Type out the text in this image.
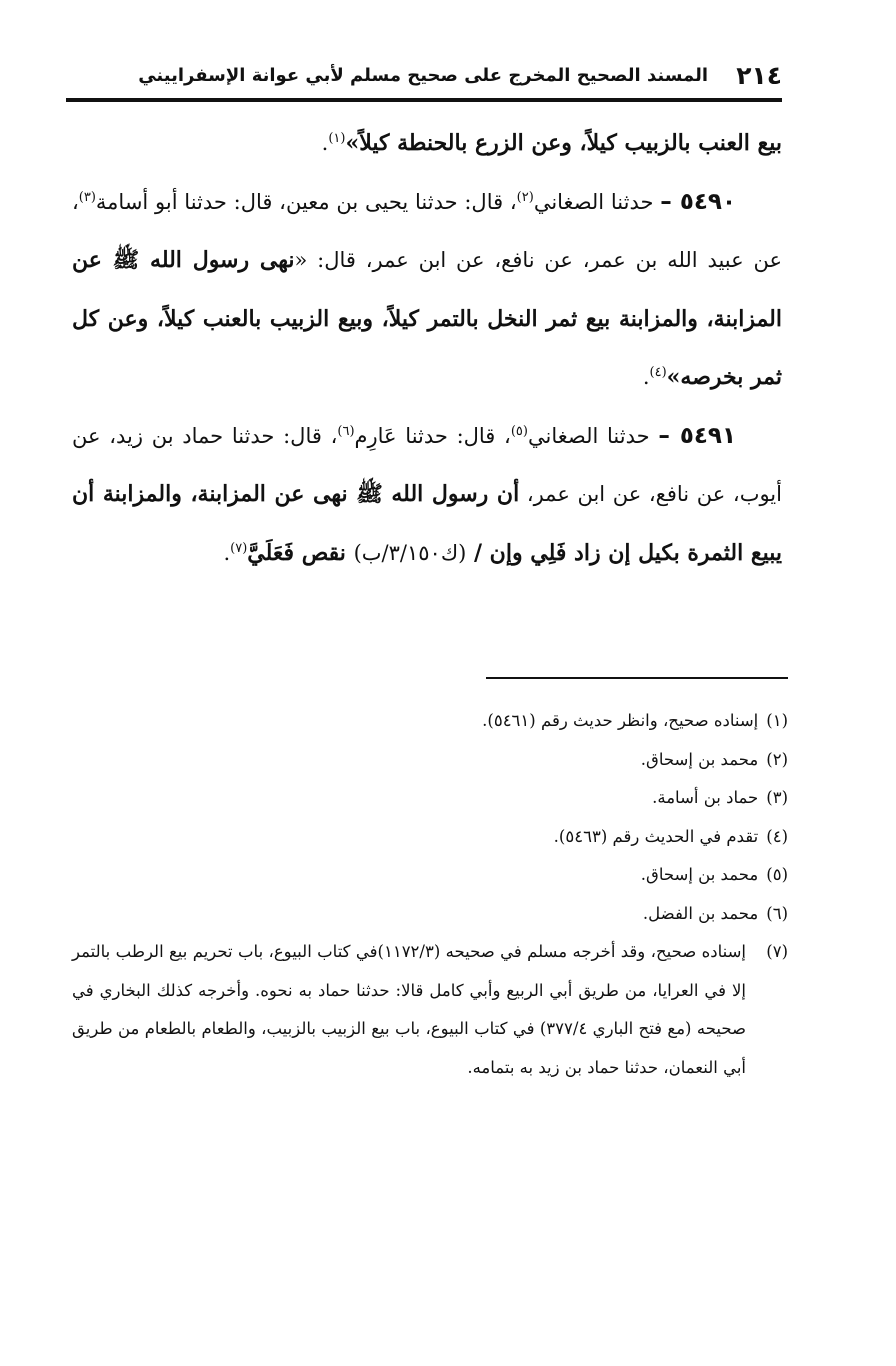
٢١٤
المسند الصحيح المخرج على صحيح مسلم لأبي عوانة الإسفراييني

بيع العنب بالزبيب كيلاً، وعن الزرع بالحنطة كيلاً»$^{(١)}$.

٥٤٩٠ – حدثنا الصغاني$^{(٢)}$، قال: حدثنا يحيى بن معين، قال: حدثنا أبو أسامة$^{(٣)}$، عن عبيد الله بن عمر، عن نافع، عن ابن عمر، قال: «نهى رسول الله ﷺ عن المزابنة، والمزابنة بيع ثمر النخل بالتمر كيلاً، وبيع الزبيب بالعنب كيلاً، وعن كل ثمر بخرصه»$^{(٤)}$.

٥٤٩١ – حدثنا الصغاني$^{(٥)}$، قال: حدثنا عَارِم$^{(٦)}$، قال: حدثنا حماد بن زيد، عن أيوب، عن نافع، عن ابن عمر، أن رسول الله ﷺ نهى عن المزابنة، والمزابنة أن يبيع الثمرة بكيل إن زاد فَلِي وإن / (ك٣/١٥٠/ب) نقص فَعَلَيَّ$^{(٧)}$.

(١)
إسناده صحيح، وانظر حديث رقم (٥٤٦١).

(٢)
محمد بن إسحاق.

(٣)
حماد بن أسامة.

(٤)
تقدم في الحديث رقم (٥٤٦٣).

(٥)
محمد بن إسحاق.

(٦)
محمد بن الفضل.

(٧)
إسناده صحيح، وقد أخرجه مسلم في صحيحه (١١٧٢/٣)في كتاب البيوع، باب تحريم بيع الرطب بالتمر إلا في العرايا، من طريق أبي الربيع وأبي كامل قالا: حدثنا حماد به نحوه. وأخرجه كذلك البخاري في صحيحه (مع فتح الباري ٣٧٧/٤) في كتاب البيوع، باب بيع الزبيب بالزبيب، والطعام بالطعام من طريق أبي النعمان، حدثنا حماد بن زيد به بتمامه.
